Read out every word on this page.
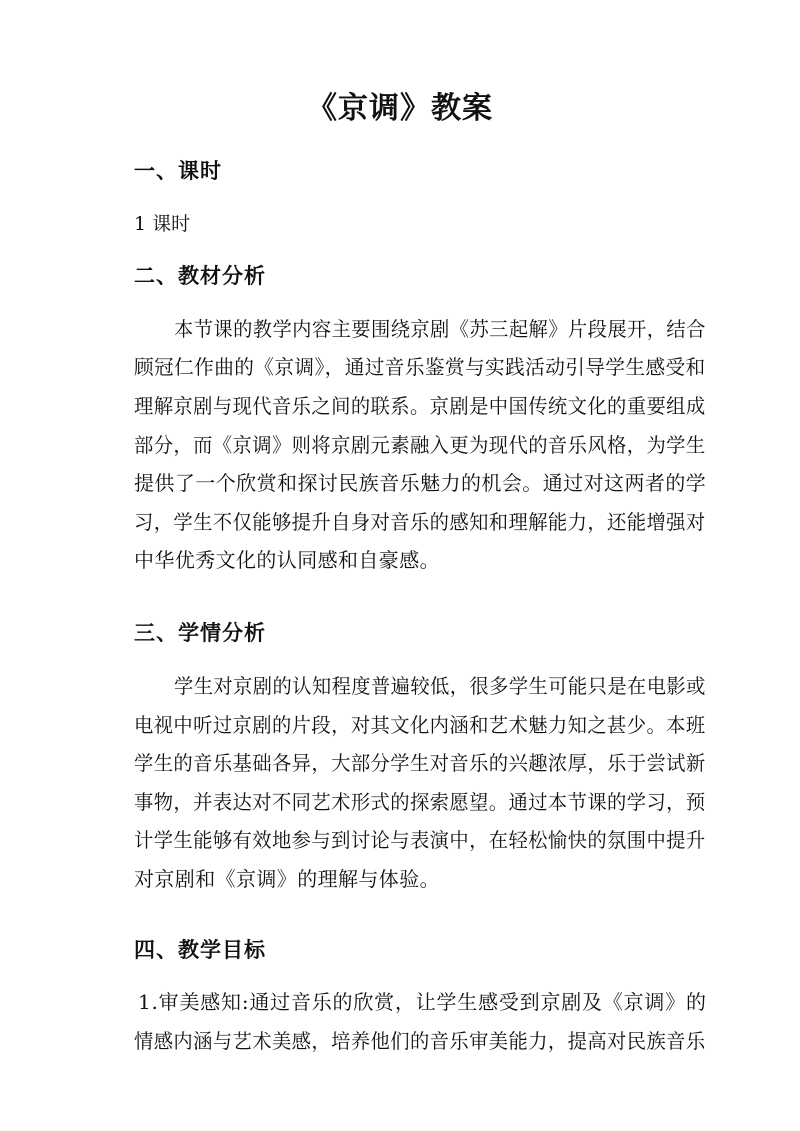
《京调》教案
一、课时

1 课时

二、教材分析

本节课的教学内容主要围绕京剧《苏三起解》片段展开，结合

顾冠仁作曲的《京调》，通过音乐鉴赏与实践活动引导学生感受和

理解京剧与现代音乐之间的联系。京剧是中国传统文化的重要组成

部分，而《京调》则将京剧元素融入更为现代的音乐风格，为学生

提供了一个欣赏和探讨民族音乐魅力的机会。通过对这两者的学

习，学生不仅能够提升自身对音乐的感知和理解能力，还能增强对

中华优秀文化的认同感和自豪感。

三、学情分析

学生对京剧的认知程度普遍较低，很多学生可能只是在电影或

电视中听过京剧的片段，对其文化内涵和艺术魅力知之甚少。本班

学生的音乐基础各异，大部分学生对音乐的兴趣浓厚，乐于尝试新

事物，并表达对不同艺术形式的探索愿望。通过本节课的学习，预

计学生能够有效地参与到讨论与表演中，在轻松愉快的氛围中提升

对京剧和《京调》的理解与体验。

四、教学目标

1.审美感知:通过音乐的欣赏，让学生感受到京剧及《京调》的

情感内涵与艺术美感，培养他们的音乐审美能力，提高对民族音乐
